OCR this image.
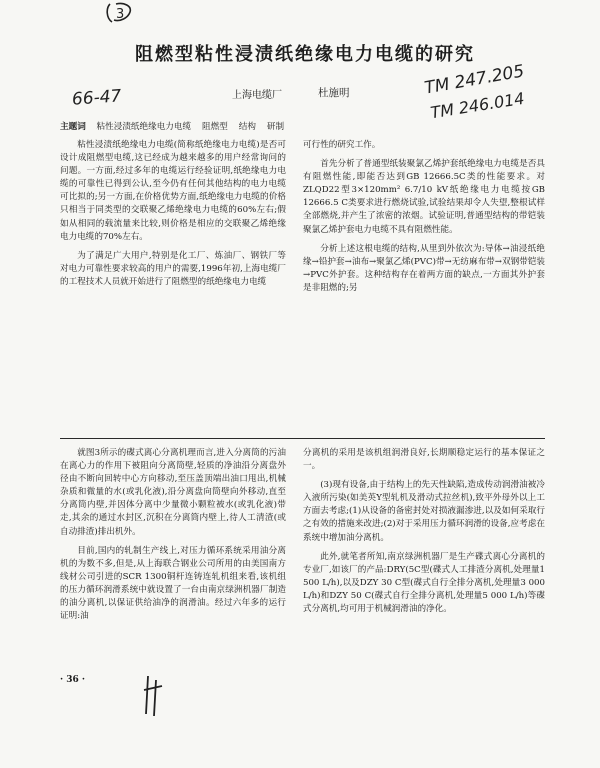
3
阻燃型粘性浸渍纸绝缘电力电缆的研究
TM 247.205
TM 246.014
66-47	上海电缆厂	杜施明
主题词 粘性浸渍纸绝缘电力电缆 阻燃型 结构 研制

粘性浸渍纸绝缘电力电缆(简称纸绝缘电力电缆)是否可设计成阻燃型电缆,这已经成为越来越多的用户经常询问的问题。一方面,经过多年的电缆运行经验证明,纸绝缘电力电缆的可靠性已得到公认,至今仍有任何其他结构的电力电缆可比拟的;另一方面,在价格优势方面,纸绝缘电力电缆的价格只相当于同类型的交联聚乙烯绝缘电力电缆的60%左右;假如从相同的载流量来比较,则价格是相应的交联聚乙烯绝缘电力电缆的70%左右。

为了满足广大用户,特别是化工厂、炼油厂、钢铁厂等对电力可靠性要求较高的用户的需要,1996年初,上海电缆厂的工程技术人员就开始进行了阻燃型的纸绝缘电力电缆

可行性的研究工作。

首先分析了普通型纸装聚氯乙烯护套纸绝缘电力电缆是否具有阻燃性能,即能否达到GB 12666.5C类的性能要求。对ZLQD22型3×120mm² 6.7/10 kV纸绝缘电力电缆按GB 12666.5 C类要求进行燃烧试验,试验结果却令人失望,整根试样全部燃烧,并产生了浓密的浓烟。试验证明,普通型结构的带铠装聚氯乙烯护套电力电缆不具有阻燃性能。

分析上述这根电缆的结构,从里到外依次为:导体→油浸纸绝缘→铅护套→油布→聚氯乙烯(PVC)带→无纺麻布带→双钢带铠装→PVC外护套。这种结构存在着两方面的缺点,一方面其外护套是非阻燃的;另

就图3所示的碟式离心分离机理而言,进入分离筒的污油在离心力的作用下被阻向分离筒壁,轻质的净油沿分离盘外径由不断向回转中心方向移动,至压盖顶端出油口甩出,机械杂质和微量的水(或乳化液),沿分离盘向筒壁向外移动,直至分离筒内壁,并因体分离中少量微小颗粒被水(或乳化液)带走,其余的通过水封区,沉积在分离筒内壁上,待人工清渣(或自动排渣)排出机外。

目前,国内的轧制生产线上,对压力循环系统采用油分离机的为数不多,但是,从上海联合钢业公司所用的由美国南方线材公司引进的SCR 1300铜杆连铸连轧机组来看,该机组的压力循环润滑系统中就设置了一台由南京绿洲机器厂制造的油分离机,以保证供给油净的润滑油。经过六年多的运行证明:油

分离机的采用是该机组润滑良好,长期顺稳定运行的基本保证之一。

(3)现有设备,由于结构上的先天性缺陷,造成传动润滑油被冷入液所污染(如美英Y型轧机及滑动式拉丝机),致平外母外以上工方面去考虑;(1)从设备的备密封处对损液漏渗进,以及如何采取行之有效的措施来改进;(2)对于采用压力循环润滑的设备,应考虑在系统中增加油分离机。

此外,就笔者所知,南京绿洲机器厂是生产碟式离心分离机的专业厂,如该厂的产品:DRY(5C型(碟式人工排渣分离机,处理量1 500 L/h),以及DZY 30 C型(碟式自行全排分离机,处理量3 000 L/h)和DZY 50 C(碟式自行全排分离机,处理量5 000 L/h)等碟式分离机,均可用于机械润滑油的净化。

· 36 ·
